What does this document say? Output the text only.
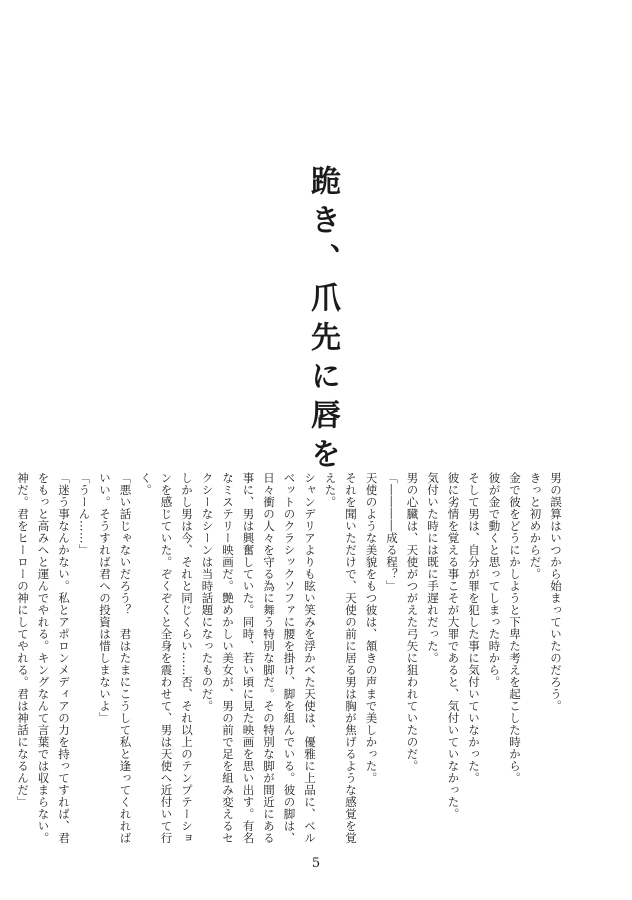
跪き、爪先に唇を

男の誤算はいつから始まっていたのだろう。

きっと初めからだ。

金で彼をどうにかしようと下卑た考えを起こした時から。

彼が金で動くと思ってしまった時から。

そして男は、自分が罪を犯した事に気付いていなかった。

彼に劣情を覚える事こそが大罪であると、気付いていなかった。

気付いた時には既に手遅れだった。

男の心臓は、天使がつがえた弓矢に狙われていたのだ。

「――――成る程？」

天使のような美貌をもつ彼は、頷きの声まで美しかった。

それを聞いただけで、天使の前に居る男は胸が焦げるような感覚を覚えた。

シャンデリアよりも眩い笑みを浮かべた天使は、優雅に上品に、ベルベットのクラシックソファに腰を掛け、脚を組んでいる。彼の脚は、日々衝の人々を守る為に舞う特別な脚だ。その特別な脚が間近にある事に、男は興奮していた。同時、若い頃に見た映画を思い出す。有名なミステリー映画だ。艶めかしい美女が、男の前で足を組み変えるセクシーなシーンは当時話題になったものだ。

しかし男は今、それと同じくらい……否、それ以上のテンプテーションを感じていた。ぞくぞくと全身を震わせて、男は天使へ近付いて行く。

「悪い話じゃないだろう？　君はたまにこうして私と逢ってくれればいい。そうすれば君への投資は惜しまないよ」

「うーん……」

「迷う事なんかない。私とアポロンメディアの力を持ってすれば、君をもっと高みへと運んでやれる。キングなんて言葉では収まらない。神だ。君をヒーローの神にしてやれる。君は神話になるんだ」

5
